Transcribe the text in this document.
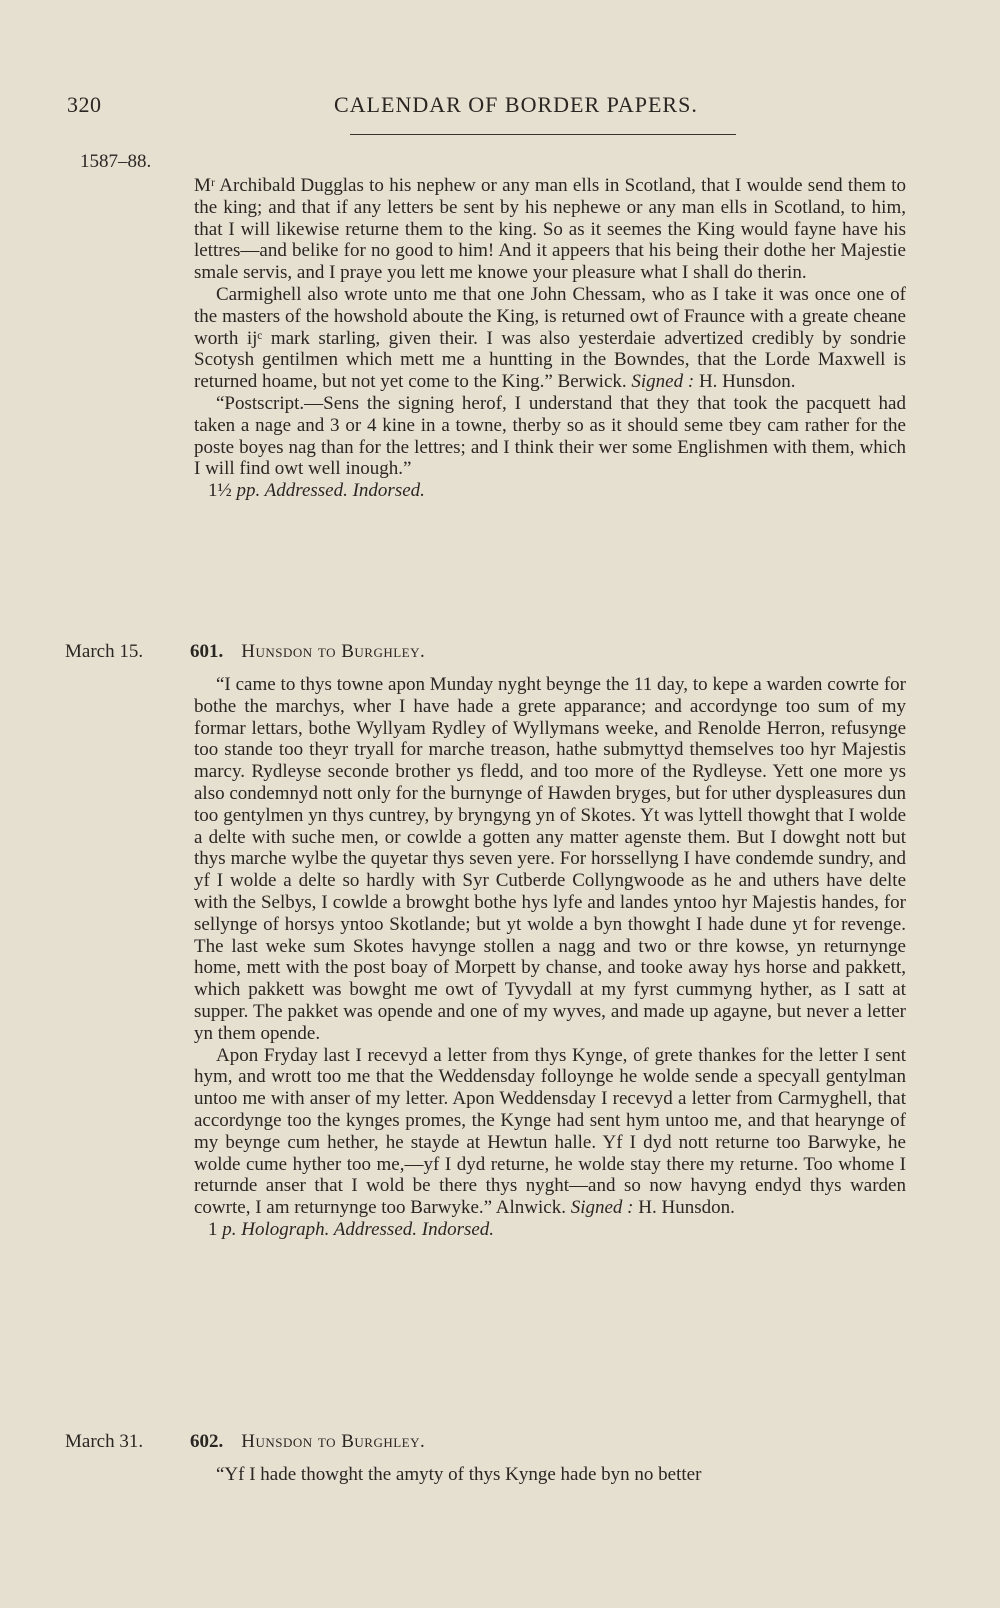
320	CALENDAR OF BORDER PAPERS.
1587–88.

Mʳ Archibald Dugglas to his nephew or any man ells in Scotland, that I woulde send them to the king; and that if any letters be sent by his nephewe or any man ells in Scotland, to him, that I will likewise returne them to the king. So as it seemes the King would fayne have his lettres—and belike for no good to him! And it appeers that his being their dothe her Majestie smale servis, and I praye you lett me knowe your pleasure what I shall do therin.

Carmighell also wrote unto me that one John Chessam, who as I take it was once one of the masters of the howshold aboute the King, is returned owt of Fraunce with a greate cheane worth ijᶜ mark starling, given their. I was also yesterdaie advertized credibly by sondrie Scotysh gentilmen which mett me a huntting in the Bowndes, that the Lorde Maxwell is returned hoame, but not yet come to the King.” Berwick. Signed : H. Hunsdon.

“Postscript.—Sens the signing herof, I understand that they that took the pacquett had taken a nage and 3 or 4 kine in a towne, therby so as it should seme tbey cam rather for the poste boyes nag than for the lettres; and I think their wer some Englishmen with them, which I will find owt well inough.”

1½ pp. Addressed. Indorsed.

March 15. 601. Hunsdon to Burghley.

“I came to thys towne apon Munday nyght beynge the 11 day, to kepe a warden cowrte for bothe the marchys, wher I have hade a grete apparance; and accordynge too sum of my formar lettars, bothe Wyllyam Rydley of Wyllymans weeke, and Renolde Herron, refusynge too stande too theyr tryall for marche treason, hathe submyttyd themselves too hyr Majestis marcy. Rydleyse seconde brother ys fledd, and too more of the Rydleyse. Yett one more ys also condemnyd nott only for the burnynge of Hawden bryges, but for uther dyspleasures dun too gentylmen yn thys cuntrey, by bryngyng yn of Skotes. Yt was lyttell thowght that I wolde a delte with suche men, or cowlde a gotten any matter agenste them. But I dowght nott but thys marche wylbe the quyetar thys seven yere. For horssellyng I have condemde sundry, and yf I wolde a delte so hardly with Syr Cutberde Collyngwoode as he and uthers have delte with the Selbys, I cowlde a browght bothe hys lyfe and landes yntoo hyr Majestis handes, for sellynge of horsys yntoo Skotlande; but yt wolde a byn thowght I hade dune yt for revenge. The last weke sum Skotes havynge stollen a nagg and two or thre kowse, yn returnynge home, mett with the post boay of Morpett by chanse, and tooke away hys horse and pakkett, which pakkett was bowght me owt of Tyvydall at my fyrst cummyng hyther, as I satt at supper. The pakket was opende and one of my wyves, and made up agayne, but never a letter yn them opende.

Apon Fryday last I recevyd a letter from thys Kynge, of grete thankes for the letter I sent hym, and wrott too me that the Weddensday folloynge he wolde sende a specyall gentylman untoo me with anser of my letter. Apon Weddensday I recevyd a letter from Carmyghell, that accordynge too the kynges promes, the Kynge had sent hym untoo me, and that hearynge of my beynge cum hether, he stayde at Hewtun halle. Yf I dyd nott returne too Barwyke, he wolde cume hyther too me,—yf I dyd returne, he wolde stay there my returne. Too whome I returnde anser that I wold be there thys nyght—and so now havyng endyd thys warden cowrte, I am returnynge too Barwyke.” Alnwick. Signed : H. Hunsdon.

1 p. Holograph. Addressed. Indorsed.

March 31. 602. Hunsdon to Burghley.

“Yf I hade thowght the amyty of thys Kynge hade byn no better
